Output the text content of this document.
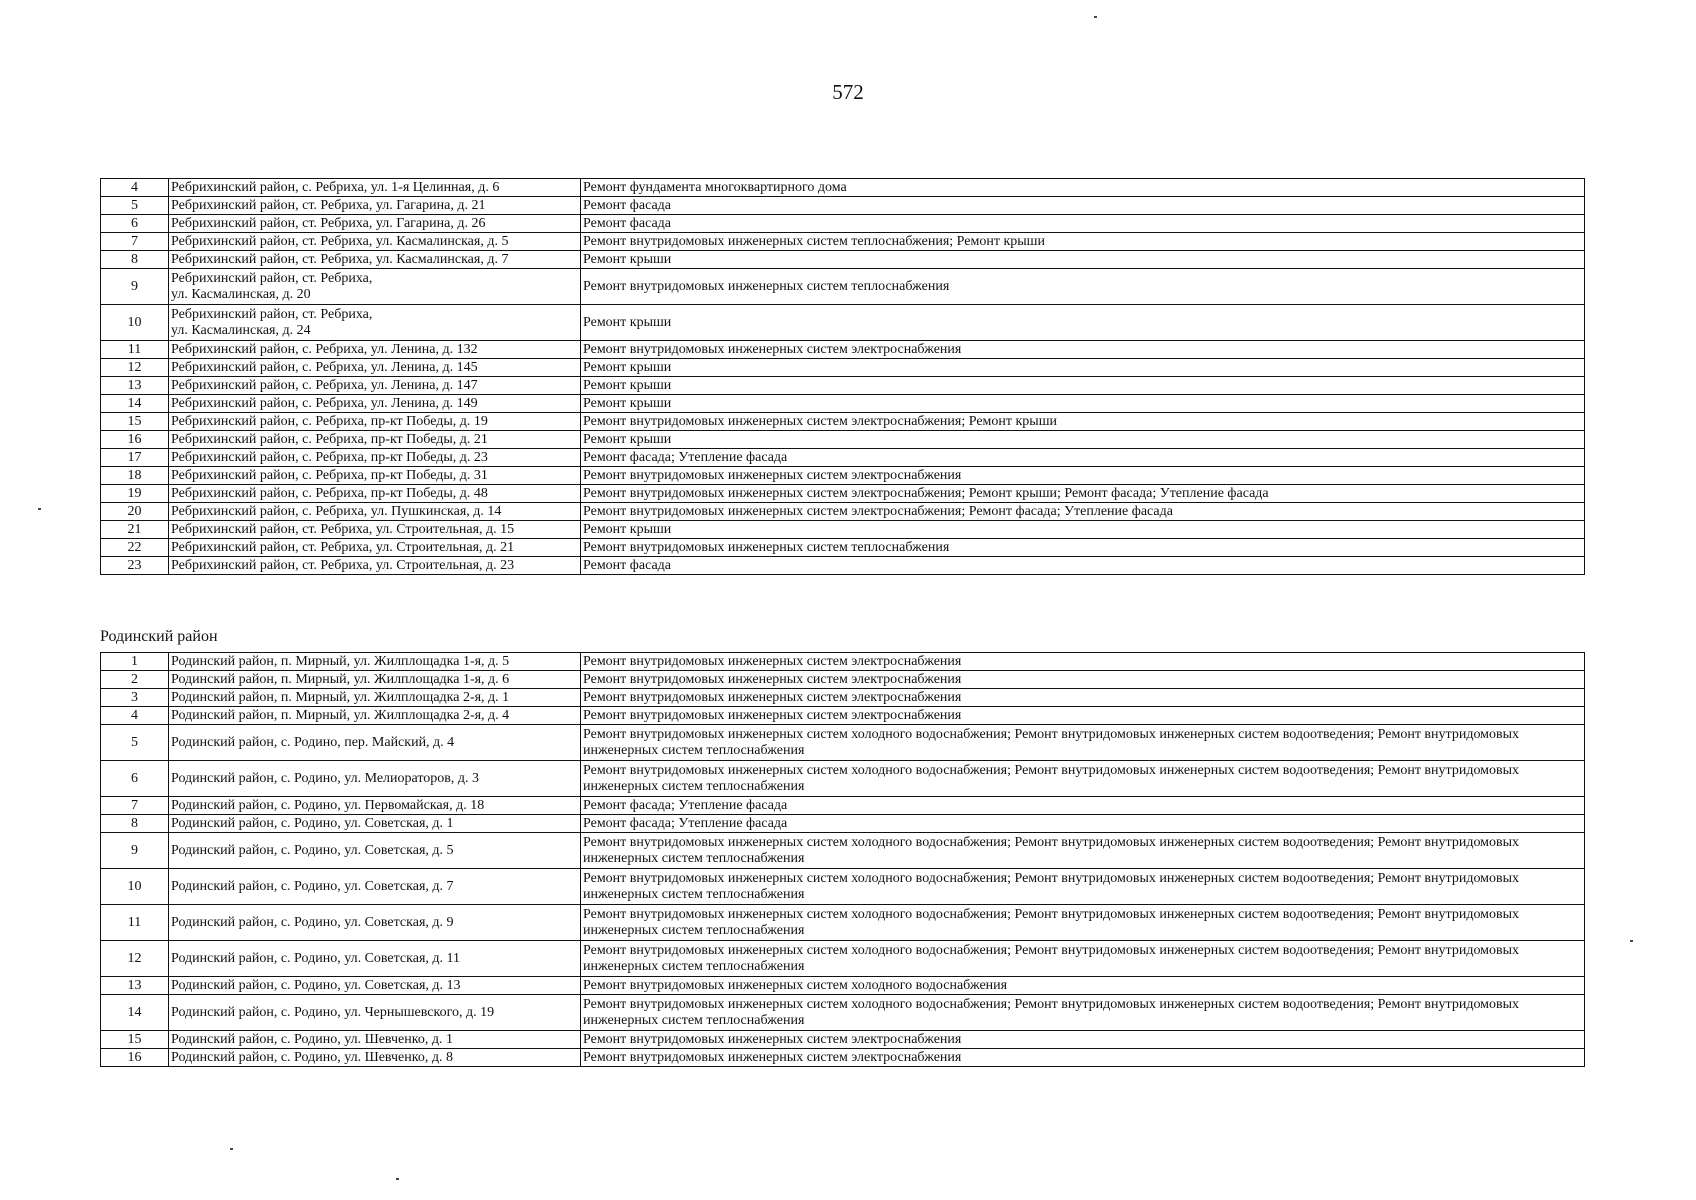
572
4	Ребрихинский район, с. Ребриха, ул. 1-я Целинная, д. 6	Ремонт фундамента многоквартирного дома
5	Ребрихинский район, ст. Ребриха, ул. Гагарина, д. 21	Ремонт фасада
6	Ребрихинский район, ст. Ребриха, ул. Гагарина, д. 26	Ремонт фасада
7	Ребрихинский район, ст. Ребриха, ул. Касмалинская, д. 5	Ремонт внутридомовых инженерных систем теплоснабжения; Ремонт крыши
8	Ребрихинский район, ст. Ребриха, ул. Касмалинская, д. 7	Ремонт крыши
9	Ребрихинский район, ст. Ребриха,
ул. Касмалинская, д. 20	Ремонт внутридомовых инженерных систем теплоснабжения
10	Ребрихинский район, ст. Ребриха,
ул. Касмалинская, д. 24	Ремонт крыши
11	Ребрихинский район, с. Ребриха, ул. Ленина, д. 132	Ремонт внутридомовых инженерных систем электроснабжения
12	Ребрихинский район, с. Ребриха, ул. Ленина, д. 145	Ремонт крыши
13	Ребрихинский район, с. Ребриха, ул. Ленина, д. 147	Ремонт крыши
14	Ребрихинский район, с. Ребриха, ул. Ленина, д. 149	Ремонт крыши
15	Ребрихинский район, с. Ребриха, пр-кт Победы, д. 19	Ремонт внутридомовых инженерных систем электроснабжения; Ремонт крыши
16	Ребрихинский район, с. Ребриха, пр-кт Победы, д. 21	Ремонт крыши
17	Ребрихинский район, с. Ребриха, пр-кт Победы, д. 23	Ремонт фасада; Утепление фасада
18	Ребрихинский район, с. Ребриха, пр-кт Победы, д. 31	Ремонт внутридомовых инженерных систем электроснабжения
19	Ребрихинский район, с. Ребриха, пр-кт Победы, д. 48	Ремонт внутридомовых инженерных систем электроснабжения; Ремонт крыши; Ремонт фасада; Утепление фасада
20	Ребрихинский район, с. Ребриха, ул. Пушкинская, д. 14	Ремонт внутридомовых инженерных систем электроснабжения; Ремонт фасада; Утепление фасада
21	Ребрихинский район, ст. Ребриха, ул. Строительная, д. 15	Ремонт крыши
22	Ребрихинский район, ст. Ребриха, ул. Строительная, д. 21	Ремонт внутридомовых инженерных систем теплоснабжения
23	Ребрихинский район, ст. Ребриха, ул. Строительная, д. 23	Ремонт фасада
Родинский район
1	Родинский район, п. Мирный, ул. Жилплощадка 1-я, д. 5	Ремонт внутридомовых инженерных систем электроснабжения
2	Родинский район, п. Мирный, ул. Жилплощадка 1-я, д. 6	Ремонт внутридомовых инженерных систем электроснабжения
3	Родинский район, п. Мирный, ул. Жилплощадка 2-я, д. 1	Ремонт внутридомовых инженерных систем электроснабжения
4	Родинский район, п. Мирный, ул. Жилплощадка 2-я, д. 4	Ремонт внутридомовых инженерных систем электроснабжения
5	Родинский район, с. Родино, пер. Майский, д. 4	Ремонт внутридомовых инженерных систем холодного водоснабжения; Ремонт внутридомовых инженерных систем водоотведения; Ремонт внутридомовых инженерных систем теплоснабжения
6	Родинский район, с. Родино, ул. Мелиораторов, д. 3	Ремонт внутридомовых инженерных систем холодного водоснабжения; Ремонт внутридомовых инженерных систем водоотведения; Ремонт внутридомовых инженерных систем теплоснабжения
7	Родинский район, с. Родино, ул. Первомайская, д. 18	Ремонт фасада; Утепление фасада
8	Родинский район, с. Родино, ул. Советская, д. 1	Ремонт фасада; Утепление фасада
9	Родинский район, с. Родино, ул. Советская, д. 5	Ремонт внутридомовых инженерных систем холодного водоснабжения; Ремонт внутридомовых инженерных систем водоотведения; Ремонт внутридомовых инженерных систем теплоснабжения
10	Родинский район, с. Родино, ул. Советская, д. 7	Ремонт внутридомовых инженерных систем холодного водоснабжения; Ремонт внутридомовых инженерных систем водоотведения; Ремонт внутридомовых инженерных систем теплоснабжения
11	Родинский район, с. Родино, ул. Советская, д. 9	Ремонт внутридомовых инженерных систем холодного водоснабжения; Ремонт внутридомовых инженерных систем водоотведения; Ремонт внутридомовых инженерных систем теплоснабжения
12	Родинский район, с. Родино, ул. Советская, д. 11	Ремонт внутридомовых инженерных систем холодного водоснабжения; Ремонт внутридомовых инженерных систем водоотведения; Ремонт внутридомовых инженерных систем теплоснабжения
13	Родинский район, с. Родино, ул. Советская, д. 13	Ремонт внутридомовых инженерных систем холодного водоснабжения
14	Родинский район, с. Родино, ул. Чернышевского, д. 19	Ремонт внутридомовых инженерных систем холодного водоснабжения; Ремонт внутридомовых инженерных систем водоотведения; Ремонт внутридомовых инженерных систем теплоснабжения
15	Родинский район, с. Родино, ул. Шевченко, д. 1	Ремонт внутридомовых инженерных систем электроснабжения
16	Родинский район, с. Родино, ул. Шевченко, д. 8	Ремонт внутридомовых инженерных систем электроснабжения
